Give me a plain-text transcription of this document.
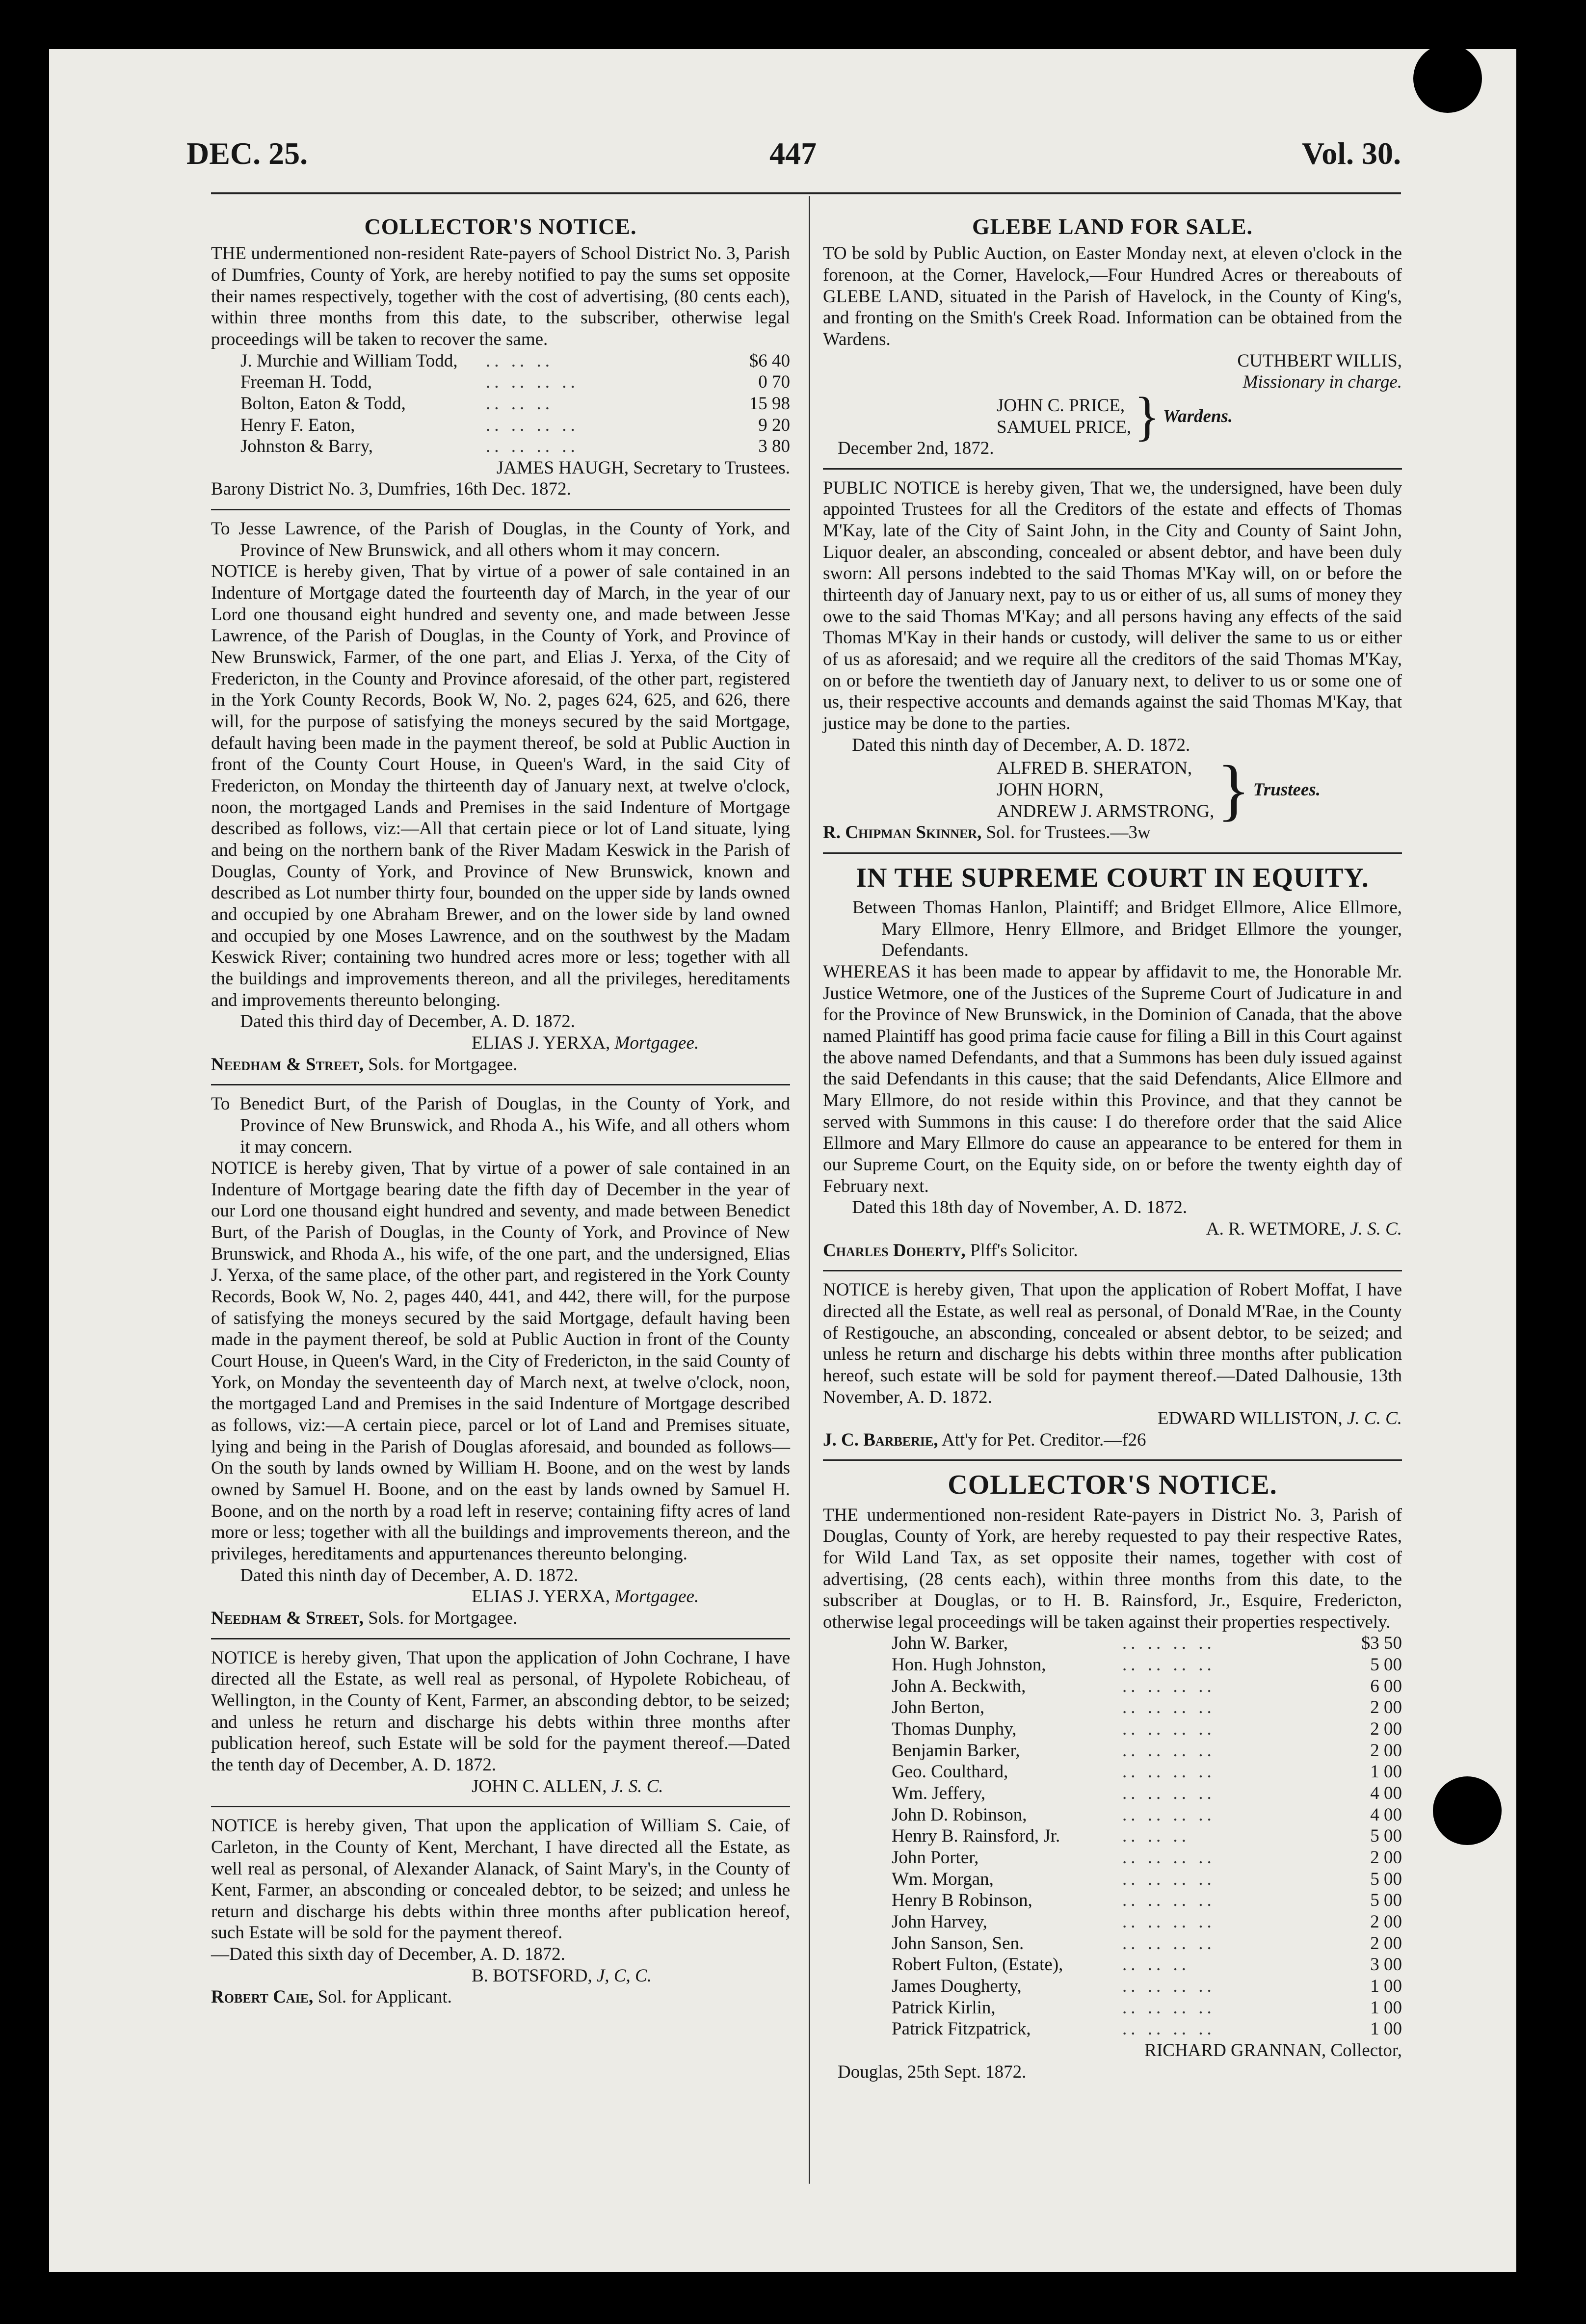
DEC. 25.	447	Vol. 30.
COLLECTOR'S NOTICE.

THE undermentioned non-resident Rate-payers of School District No. 3, Parish of Dumfries, County of York, are hereby notified to pay the sums set opposite their names respectively, together with the cost of advertising, (80 cents each), within three months from this date, to the subscriber, otherwise legal proceedings will be taken to recover the same.

J. Murchie and William Todd,	.. .. ..	$6 40
Freeman H. Todd,	.. .. .. ..	0 70
Bolton, Eaton & Todd,	.. .. ..	15 98
Henry F. Eaton,	.. .. .. ..	9 20
Johnston & Barry,	.. .. .. ..	3 80

JAMES HAUGH, Secretary to Trustees.

Barony District No. 3, Dumfries, 16th Dec. 1872.

To Jesse Lawrence, of the Parish of Douglas, in the County of York, and Province of New Brunswick, and all others whom it may concern.

NOTICE is hereby given, That by virtue of a power of sale contained in an Indenture of Mortgage dated the fourteenth day of March, in the year of our Lord one thousand eight hundred and seventy one, and made between Jesse Lawrence, of the Parish of Douglas, in the County of York, and Province of New Brunswick, Farmer, of the one part, and Elias J. Yerxa, of the City of Fredericton, in the County and Province aforesaid, of the other part, registered in the York County Records, Book W, No. 2, pages 624, 625, and 626, there will, for the purpose of satisfying the moneys secured by the said Mortgage, default having been made in the payment thereof, be sold at Public Auction in front of the County Court House, in Queen's Ward, in the said City of Fredericton, on Monday the thirteenth day of January next, at twelve o'clock, noon, the mortgaged Lands and Premises in the said Indenture of Mortgage described as follows, viz:—All that certain piece or lot of Land situate, lying and being on the northern bank of the River Madam Keswick in the Parish of Douglas, County of York, and Province of New Brunswick, known and described as Lot number thirty four, bounded on the upper side by lands owned and occupied by one Abraham Brewer, and on the lower side by land owned and occupied by one Moses Lawrence, and on the southwest by the Madam Keswick River; containing two hundred acres more or less; together with all the buildings and improvements thereon, and all the privileges, hereditaments and improvements thereunto belonging.

Dated this third day of December, A. D. 1872.

ELIAS J. YERXA, Mortgagee.

Needham & Street, Sols. for Mortgagee.

To Benedict Burt, of the Parish of Douglas, in the County of York, and Province of New Brunswick, and Rhoda A., his Wife, and all others whom it may concern.

NOTICE is hereby given, That by virtue of a power of sale contained in an Indenture of Mortgage bearing date the fifth day of December in the year of our Lord one thousand eight hundred and seventy, and made between Benedict Burt, of the Parish of Douglas, in the County of York, and Province of New Brunswick, and Rhoda A., his wife, of the one part, and the undersigned, Elias J. Yerxa, of the same place, of the other part, and registered in the York County Records, Book W, No. 2, pages 440, 441, and 442, there will, for the purpose of satisfying the moneys secured by the said Mortgage, default having been made in the payment thereof, be sold at Public Auction in front of the County Court House, in Queen's Ward, in the City of Fredericton, in the said County of York, on Monday the seventeenth day of March next, at twelve o'clock, noon, the mortgaged Land and Premises in the said Indenture of Mortgage described as follows, viz:—A certain piece, parcel or lot of Land and Premises situate, lying and being in the Parish of Douglas aforesaid, and bounded as follows—On the south by lands owned by William H. Boone, and on the west by lands owned by Samuel H. Boone, and on the east by lands owned by Samuel H. Boone, and on the north by a road left in reserve; containing fifty acres of land more or less; together with all the buildings and improvements thereon, and the privileges, hereditaments and appurtenances thereunto belonging.

Dated this ninth day of December, A. D. 1872.

ELIAS J. YERXA, Mortgagee.

Needham & Street, Sols. for Mortgagee.

NOTICE is hereby given, That upon the application of John Cochrane, I have directed all the Estate, as well real as personal, of Hypolete Robicheau, of Wellington, in the County of Kent, Farmer, an absconding debtor, to be seized; and unless he return and discharge his debts within three months after publication hereof, such Estate will be sold for the payment thereof.—Dated the tenth day of December, A. D. 1872.

JOHN C. ALLEN, J. S. C.

NOTICE is hereby given, That upon the application of William S. Caie, of Carleton, in the County of Kent, Merchant, I have directed all the Estate, as well real as personal, of Alexander Alanack, of Saint Mary's, in the County of Kent, Farmer, an absconding or concealed debtor, to be seized; and unless he return and discharge his debts within three months after publication hereof, such Estate will be sold for the payment thereof.

—Dated this sixth day of December, A. D. 1872.

B. BOTSFORD, J, C, C.

Robert Caie, Sol. for Applicant.

GLEBE LAND FOR SALE.

TO be sold by Public Auction, on Easter Monday next, at eleven o'clock in the forenoon, at the Corner, Havelock,—Four Hundred Acres or thereabouts of GLEBE LAND, situated in the Parish of Havelock, in the County of King's, and fronting on the Smith's Creek Road. Information can be obtained from the Wardens.

CUTHBERT WILLIS,

Missionary in charge.

JOHN C. PRICE,
SAMUEL PRICE, } Wardens.

December 2nd, 1872.

PUBLIC NOTICE is hereby given, That we, the undersigned, have been duly appointed Trustees for all the Creditors of the estate and effects of Thomas M'Kay, late of the City of Saint John, in the City and County of Saint John, Liquor dealer, an absconding, concealed or absent debtor, and have been duly sworn: All persons indebted to the said Thomas M'Kay will, on or before the thirteenth day of January next, pay to us or either of us, all sums of money they owe to the said Thomas M'Kay; and all persons having any effects of the said Thomas M'Kay in their hands or custody, will deliver the same to us or either of us as aforesaid; and we require all the creditors of the said Thomas M'Kay, on or before the twentieth day of January next, to deliver to us or some one of us, their respective accounts and demands against the said Thomas M'Kay, that justice may be done to the parties.

Dated this ninth day of December, A. D. 1872.

ALFRED B. SHERATON,
JOHN HORN,
ANDREW J. ARMSTRONG, } Trustees.

R. Chipman Skinner, Sol. for Trustees.—3w

IN THE SUPREME COURT IN EQUITY.

Between Thomas Hanlon, Plaintiff; and Bridget Ellmore, Alice Ellmore, Mary Ellmore, Henry Ellmore, and Bridget Ellmore the younger, Defendants.

WHEREAS it has been made to appear by affidavit to me, the Honorable Mr. Justice Wetmore, one of the Justices of the Supreme Court of Judicature in and for the Province of New Brunswick, in the Dominion of Canada, that the above named Plaintiff has good prima facie cause for filing a Bill in this Court against the above named Defendants, and that a Summons has been duly issued against the said Defendants in this cause; that the said Defendants, Alice Ellmore and Mary Ellmore, do not reside within this Province, and that they cannot be served with Summons in this cause: I do therefore order that the said Alice Ellmore and Mary Ellmore do cause an appearance to be entered for them in our Supreme Court, on the Equity side, on or before the twenty eighth day of February next.

Dated this 18th day of November, A. D. 1872.

A. R. WETMORE, J. S. C.

Charles Doherty, Plff's Solicitor.

NOTICE is hereby given, That upon the application of Robert Moffat, I have directed all the Estate, as well real as personal, of Donald M'Rae, in the County of Restigouche, an absconding, concealed or absent debtor, to be seized; and unless he return and discharge his debts within three months after publication hereof, such estate will be sold for payment thereof.—Dated Dalhousie, 13th November, A. D. 1872.

EDWARD WILLISTON, J. C. C.

J. C. Barberie, Att'y for Pet. Creditor.—f26

COLLECTOR'S NOTICE.

THE undermentioned non-resident Rate-payers in District No. 3, Parish of Douglas, County of York, are hereby requested to pay their respective Rates, for Wild Land Tax, as set opposite their names, together with cost of advertising, (28 cents each), within three months from this date, to the subscriber at Douglas, or to H. B. Rainsford, Jr., Esquire, Fredericton, otherwise legal proceedings will be taken against their properties respectively.

John W. Barker,	.. .. .. ..	$3 50
Hon. Hugh Johnston,	.. .. .. ..	5 00
John A. Beckwith,	.. .. .. ..	6 00
John Berton,	.. .. .. ..	2 00
Thomas Dunphy,	.. .. .. ..	2 00
Benjamin Barker,	.. .. .. ..	2 00
Geo. Coulthard,	.. .. .. ..	1 00
Wm. Jeffery,	.. .. .. ..	4 00
John D. Robinson,	.. .. .. ..	4 00
Henry B. Rainsford, Jr.	.. .. ..	5 00
John Porter,	.. .. .. ..	2 00
Wm. Morgan,	.. .. .. ..	5 00
Henry B Robinson,	.. .. .. ..	5 00
John Harvey,	.. .. .. ..	2 00
John Sanson, Sen.	.. .. .. ..	2 00
Robert Fulton, (Estate),	.. .. ..	3 00
James Dougherty,	.. .. .. ..	1 00
Patrick Kirlin,	.. .. .. ..	1 00
Patrick Fitzpatrick,	.. .. .. ..	1 00

RICHARD GRANNAN, Collector,

Douglas, 25th Sept. 1872.
